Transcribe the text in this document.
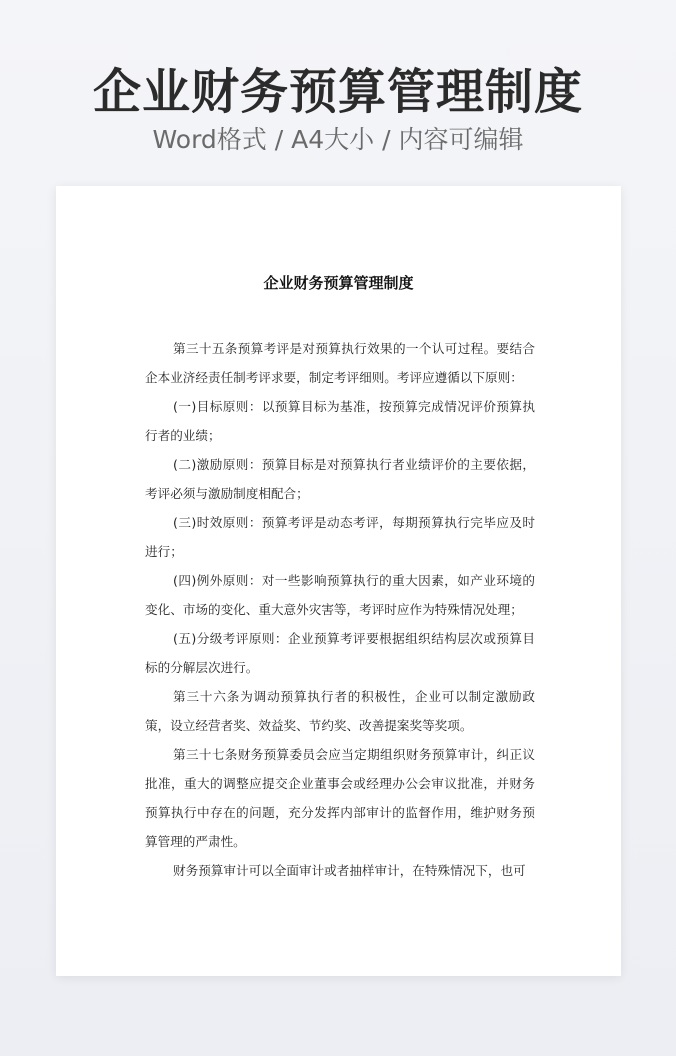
企业财务预算管理制度
Word格式 / A4大小 / 内容可编辑
企业财务预算管理制度

第三十五条预算考评是对预算执行效果的一个认可过程。要结合企本业济经责任制考评求要，制定考评细则。考评应遵循以下原则：

(一)目标原则：以预算目标为基准，按预算完成情况评价预算执行者的业绩；

(二)激励原则：预算目标是对预算执行者业绩评价的主要依据，考评必须与激励制度相配合；

(三)时效原则：预算考评是动态考评，每期预算执行完毕应及时进行；

(四)例外原则：对一些影响预算执行的重大因素，如产业环境的变化、市场的变化、重大意外灾害等，考评时应作为特殊情况处理；

(五)分级考评原则：企业预算考评要根据组织结构层次或预算目标的分解层次进行。

第三十六条为调动预算执行者的积极性，企业可以制定激励政策，设立经营者奖、效益奖、节约奖、改善提案奖等奖项。

第三十七条财务预算委员会应当定期组织财务预算审计，纠正议批准，重大的调整应提交企业董事会或经理办公会审议批准，并财务预算执行中存在的问题，充分发挥内部审计的监督作用，维护财务预算管理的严肃性。

财务预算审计可以全面审计或者抽样审计，在特殊情况下，也可
